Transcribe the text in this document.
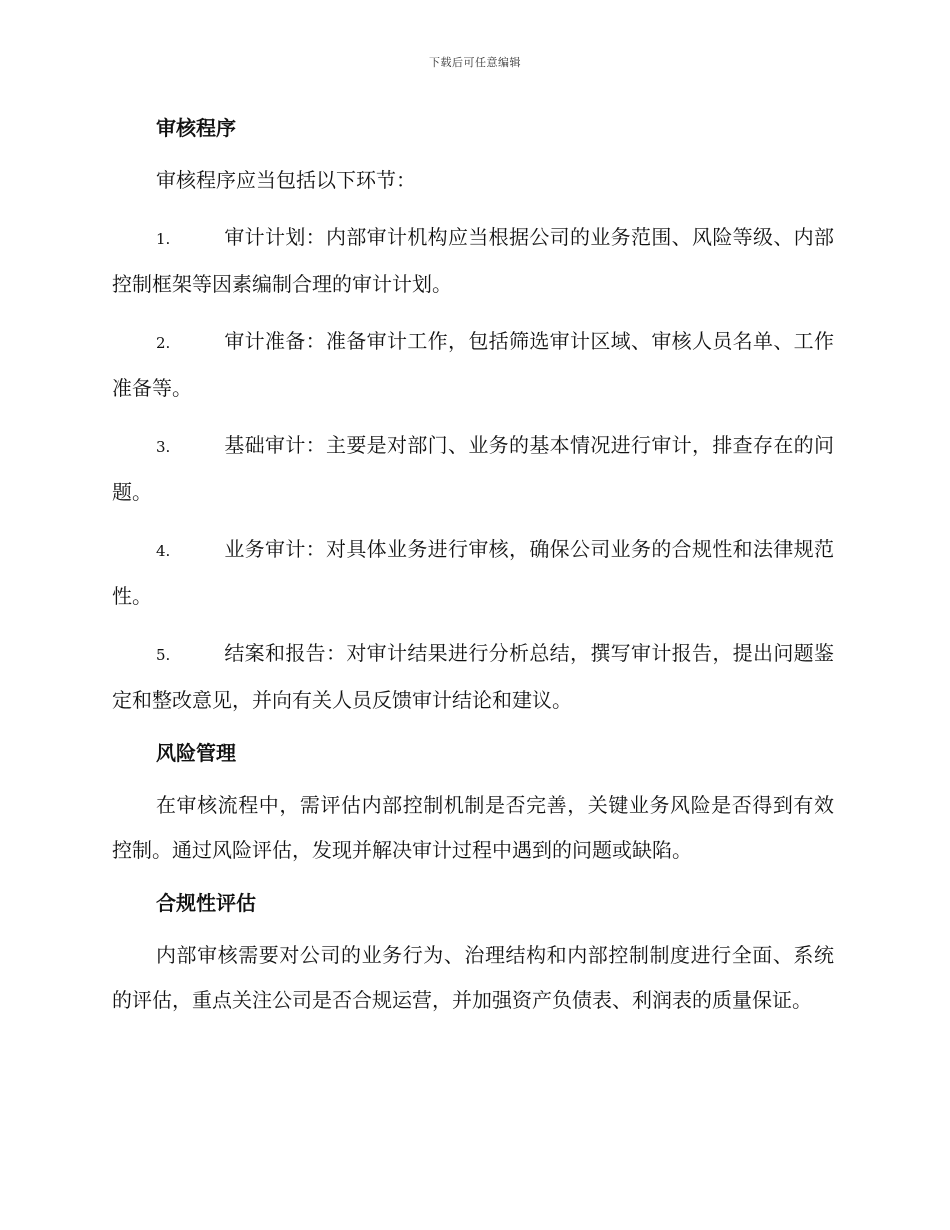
下载后可任意编辑
审核程序

审核程序应当包括以下环节：

1.	审计计划：内部审计机构应当根据公司的业务范围、风险等级、内部控制框架等因素编制合理的审计计划。
2.	审计准备：准备审计工作，包括筛选审计区域、审核人员名单、工作准备等。
3.	基础审计：主要是对部门、业务的基本情况进行审计，排查存在的问题。
4.	业务审计：对具体业务进行审核，确保公司业务的合规性和法律规范性。
5.	结案和报告：对审计结果进行分析总结，撰写审计报告，提出问题鉴定和整改意见，并向有关人员反馈审计结论和建议。
风险管理

在审核流程中，需评估内部控制机制是否完善，关键业务风险是否得到有效控制。通过风险评估，发现并解决审计过程中遇到的问题或缺陷。

合规性评估

内部审核需要对公司的业务行为、治理结构和内部控制制度进行全面、系统的评估，重点关注公司是否合规运营，并加强资产负债表、利润表的质量保证。
